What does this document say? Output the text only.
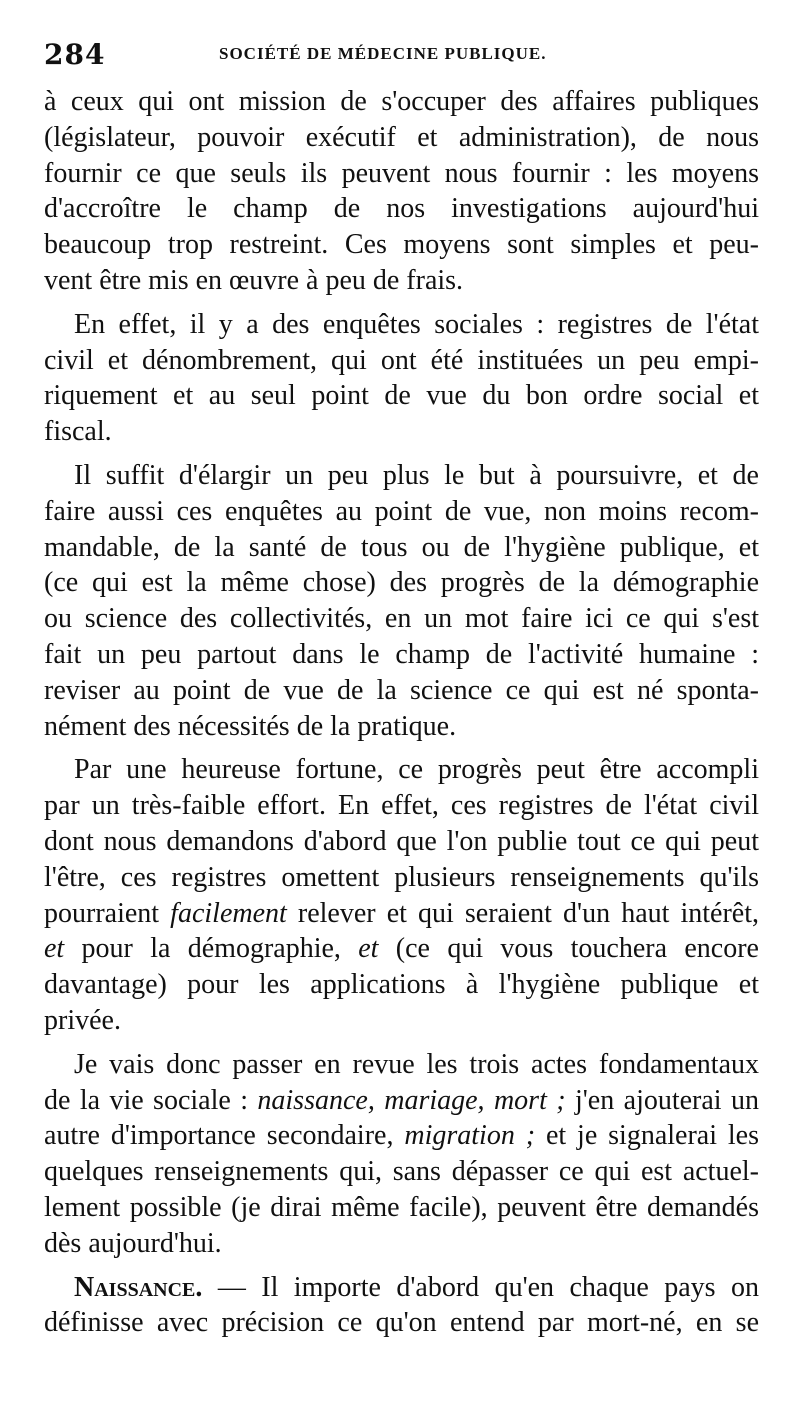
284	SOCIÉTÉ DE MÉDECINE PUBLIQUE.

à ceux qui ont mission de s'occuper des affaires publiques
(législateur, pouvoir exécutif et administration), de nous
fournir ce que seuls ils peuvent nous fournir : les moyens
d'accroître le champ de nos investigations aujourd'hui
beaucoup trop restreint. Ces moyens sont simples et peu-
vent être mis en œuvre à peu de frais.

En effet, il y a des enquêtes sociales : registres de l'état
civil et dénombrement, qui ont été instituées un peu empi-
riquement et au seul point de vue du bon ordre social et
fiscal.

Il suffit d'élargir un peu plus le but à poursuivre, et de
faire aussi ces enquêtes au point de vue, non moins recom-
mandable, de la santé de tous ou de l'hygiène publique, et
(ce qui est la même chose) des progrès de la démographie
ou science des collectivités, en un mot faire ici ce qui s'est
fait un peu partout dans le champ de l'activité humaine :
reviser au point de vue de la science ce qui est né sponta-
nément des nécessités de la pratique.

Par une heureuse fortune, ce progrès peut être accompli
par un très-faible effort. En effet, ces registres de l'état civil
dont nous demandons d'abord que l'on publie tout ce qui peut
l'être, ces registres omettent plusieurs renseignements qu'ils
pourraient facilement relever et qui seraient d'un haut intérêt,
et pour la démographie, et (ce qui vous touchera encore
davantage) pour les applications à l'hygiène publique et
privée.

Je vais donc passer en revue les trois actes fondamentaux
de la vie sociale : naissance, mariage, mort ; j'en ajouterai un
autre d'importance secondaire, migration ; et je signalerai les
quelques renseignements qui, sans dépasser ce qui est actuel-
lement possible (je dirai même facile), peuvent être demandés
dès aujourd'hui.

Naissance. — Il importe d'abord qu'en chaque pays on
définisse avec précision ce qu'on entend par mort-né, en se
